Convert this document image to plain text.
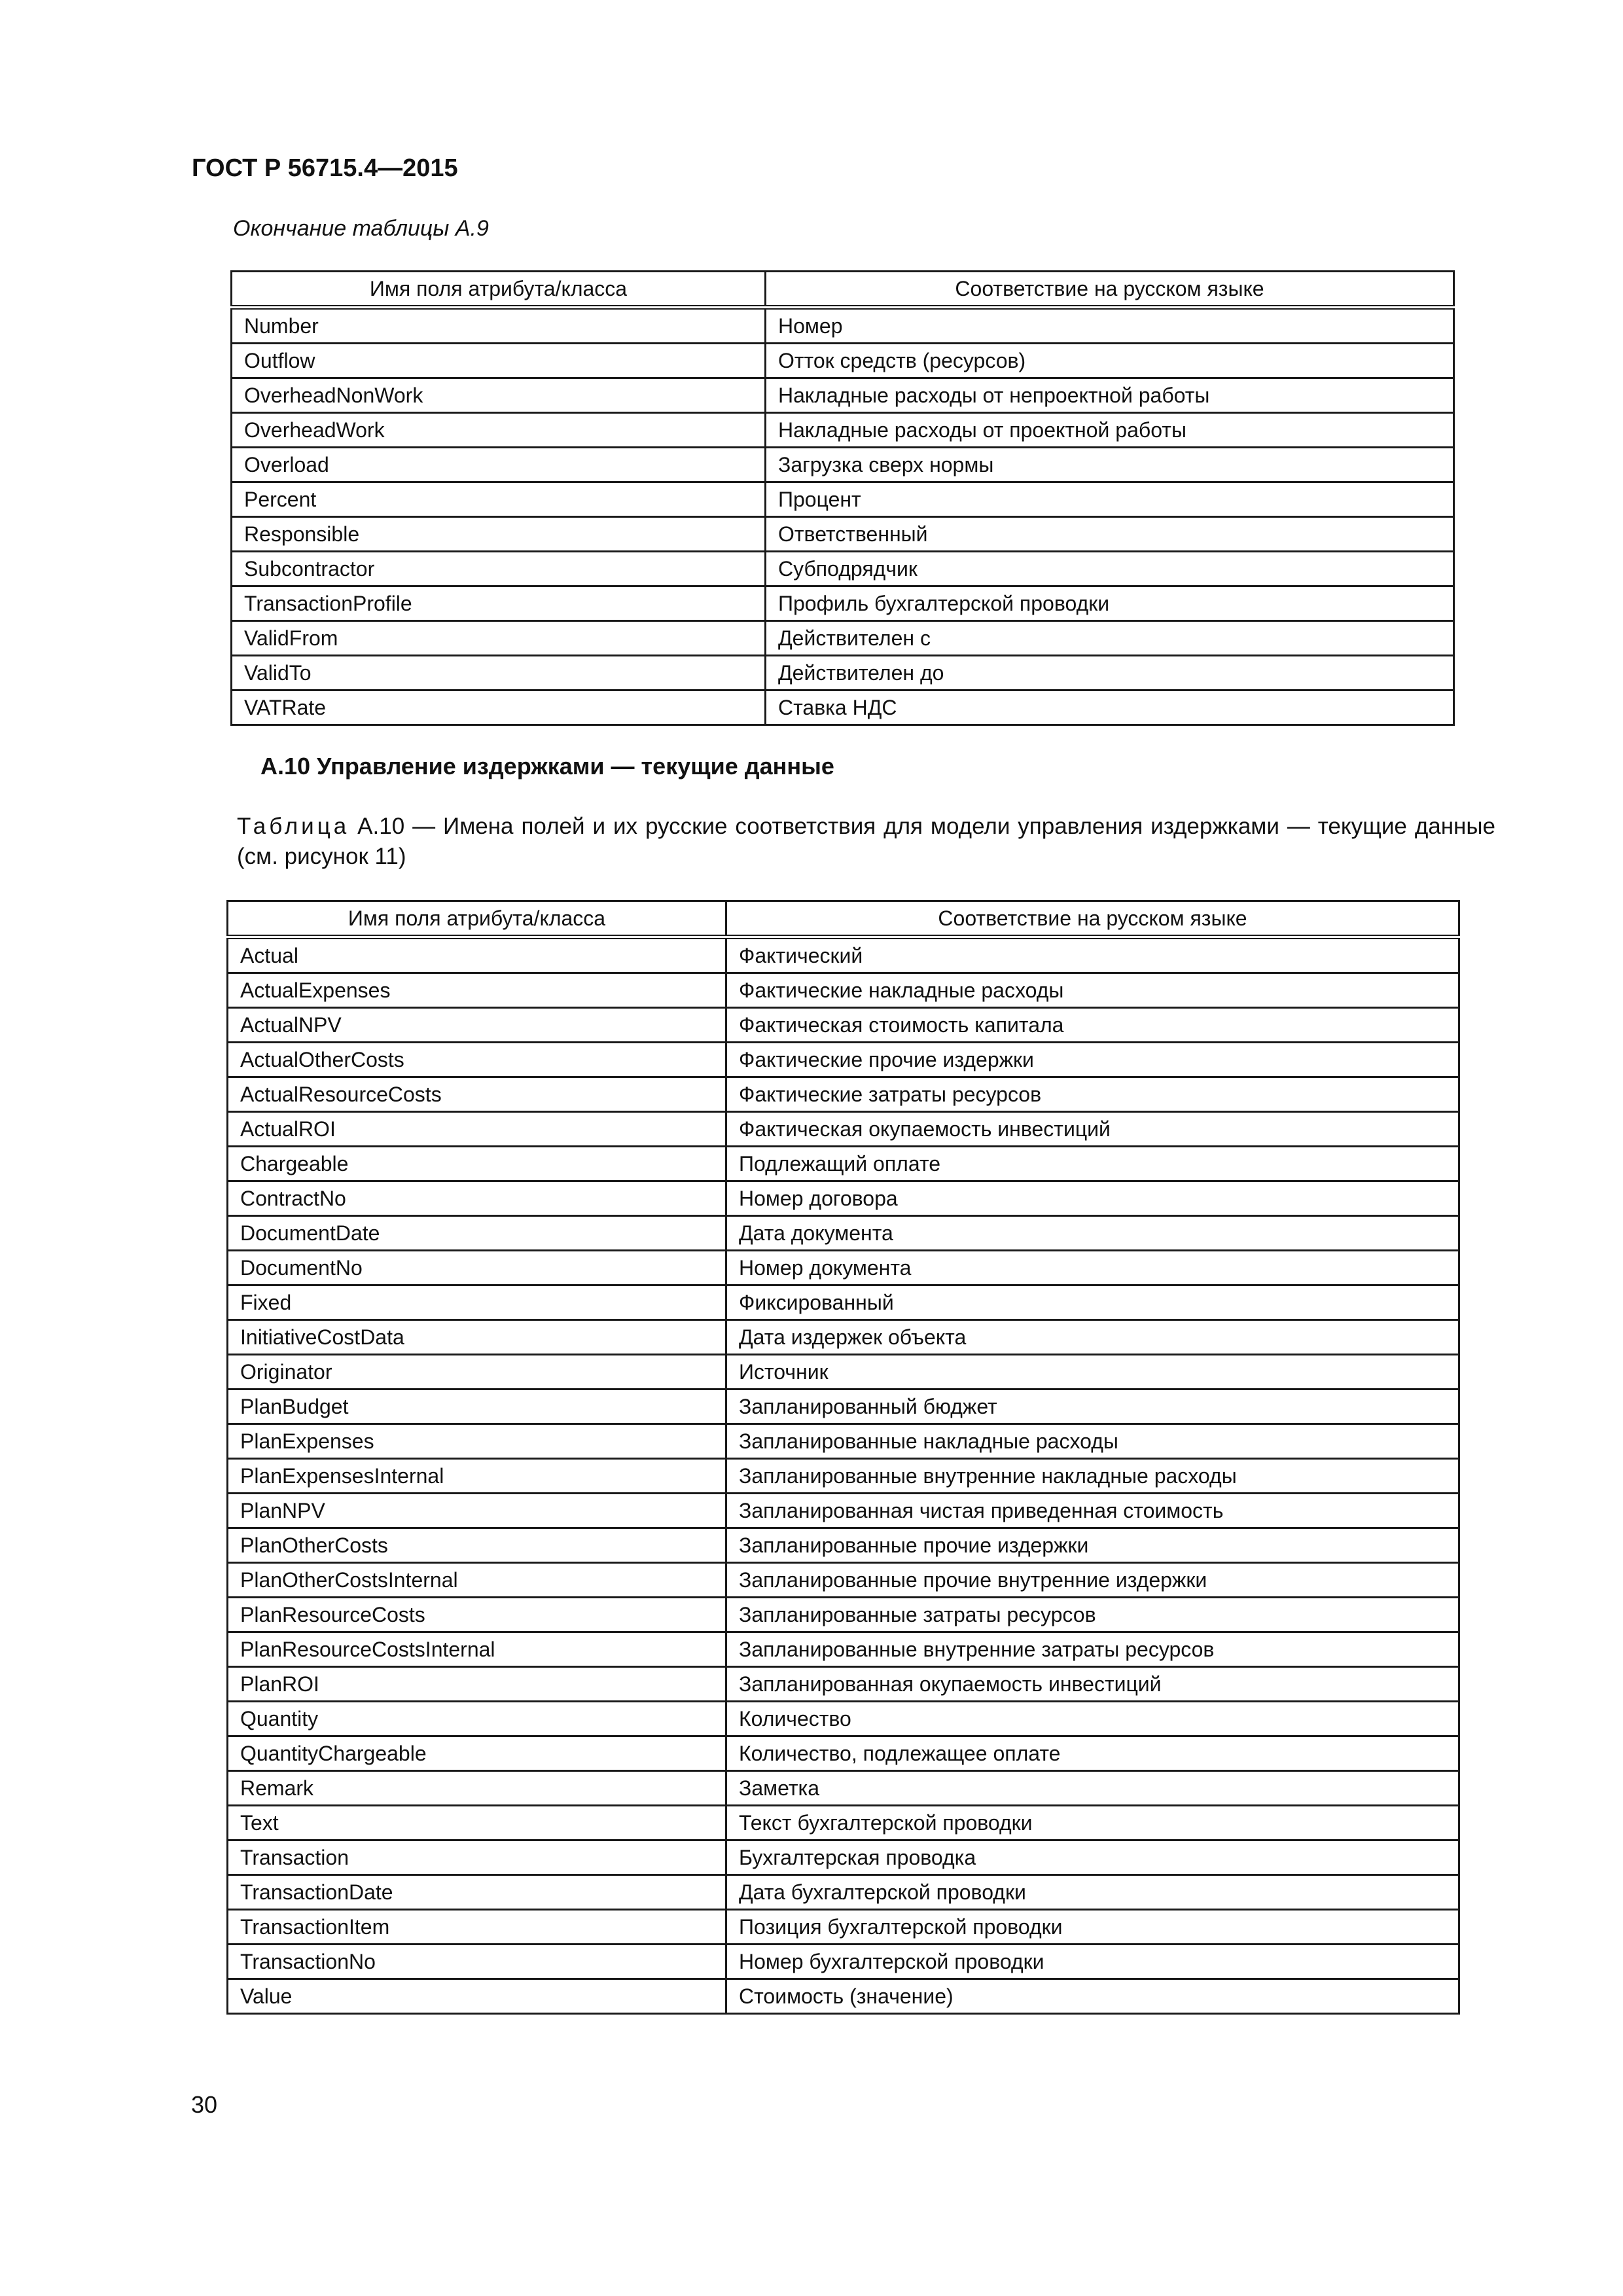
ГОСТ Р 56715.4—2015
Окончание таблицы А.9
Имя поля атрибута/класса	Соответствие на русском языке
Number	Номер
Outflow	Отток средств (ресурсов)
OverheadNonWork	Накладные расходы от непроектной работы
OverheadWork	Накладные расходы от проектной работы
Overload	Загрузка сверх нормы
Percent	Процент
Responsible	Ответственный
Subcontractor	Субподрядчик
TransactionProfile	Профиль бухгалтерской проводки
ValidFrom	Действителен с
ValidTo	Действителен до
VATRate	Ставка НДС
А.10 Управление издержками — текущие данные
Таблица А.10 — Имена полей и их русские соответствия для модели управления издержками — текущие данные (см. рисунок 11)
Имя поля атрибута/класса	Соответствие на русском языке
Actual	Фактический
ActualExpenses	Фактические накладные расходы
ActualNPV	Фактическая стоимость капитала
ActualOtherCosts	Фактические прочие издержки
ActualResourceCosts	Фактические затраты ресурсов
ActualROI	Фактическая окупаемость инвестиций
Chargeable	Подлежащий оплате
ContractNo	Номер договора
DocumentDate	Дата документа
DocumentNo	Номер документа
Fixed	Фиксированный
InitiativeCostData	Дата издержек объекта
Originator	Источник
PlanBudget	Запланированный бюджет
PlanExpenses	Запланированные накладные расходы
PlanExpensesInternal	Запланированные внутренние накладные расходы
PlanNPV	Запланированная чистая приведенная стоимость
PlanOtherCosts	Запланированные прочие издержки
PlanOtherCostsInternal	Запланированные прочие внутренние издержки
PlanResourceCosts	Запланированные затраты ресурсов
PlanResourceCostsInternal	Запланированные внутренние затраты ресурсов
PlanROI	Запланированная окупаемость инвестиций
Quantity	Количество
QuantityChargeable	Количество, подлежащее оплате
Remark	Заметка
Text	Текст бухгалтерской проводки
Transaction	Бухгалтерская проводка
TransactionDate	Дата бухгалтерской проводки
TransactionItem	Позиция бухгалтерской проводки
TransactionNo	Номер бухгалтерской проводки
Value	Стоимость (значение)
30
